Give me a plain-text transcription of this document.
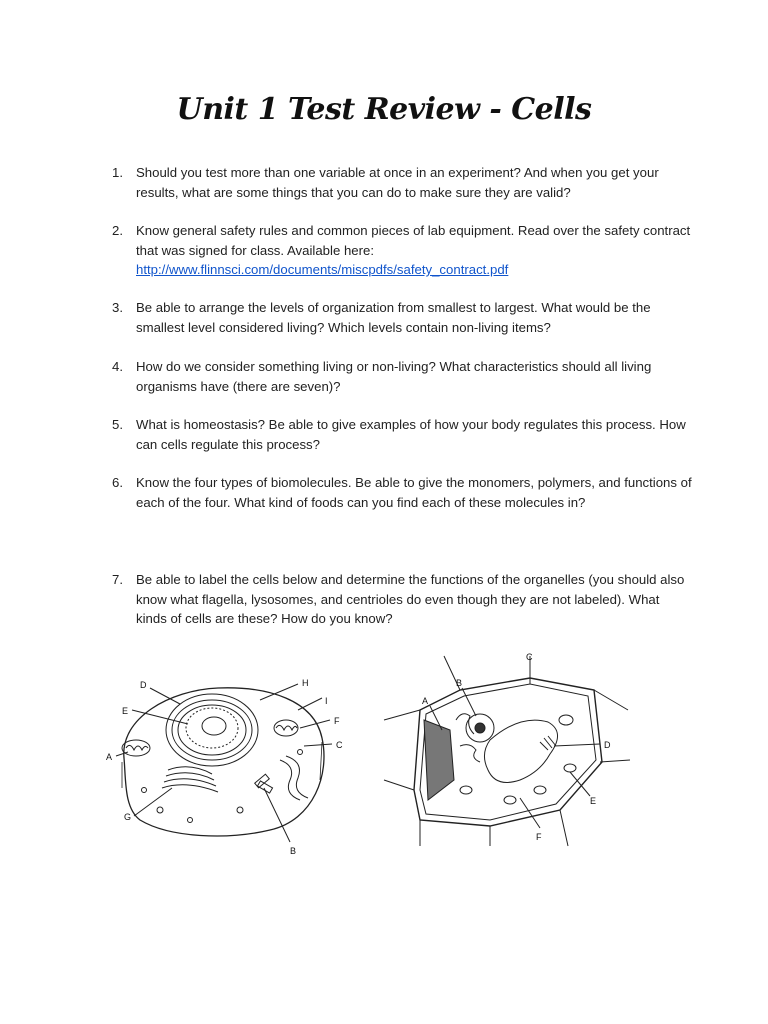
Unit 1 Test Review - Cells
1. Should you test more than one variable at once in an experiment? And when you get your results, what are some things that you can do to make sure they are valid?
2. Know general safety rules and common pieces of lab equipment. Read over the safety contract that was signed for class. Available here:
http://www.flinnsci.com/documents/miscpdfs/safety_contract.pdf
3. Be able to arrange the levels of organization from smallest to largest. What would be the smallest level considered living? Which levels contain non-living items?
4. How do we consider something living or non-living? What characteristics should all living organisms have (there are seven)?
5. What is homeostasis? Be able to give examples of how your body regulates this process. How can cells regulate this process?
6. Know the four types of biomolecules. Be able to give the monomers, polymers, and functions of each of the four. What kind of foods can you find each of these molecules in?
7. Be able to label the cells below and determine the functions of the organelles (you should also know what flagella, lysosomes, and centrioles do even though they are not labeled). What kinds of cells are these? How do you know?
D
E
A
G
H
I
F
C
B
A
B
C
D
E
F
